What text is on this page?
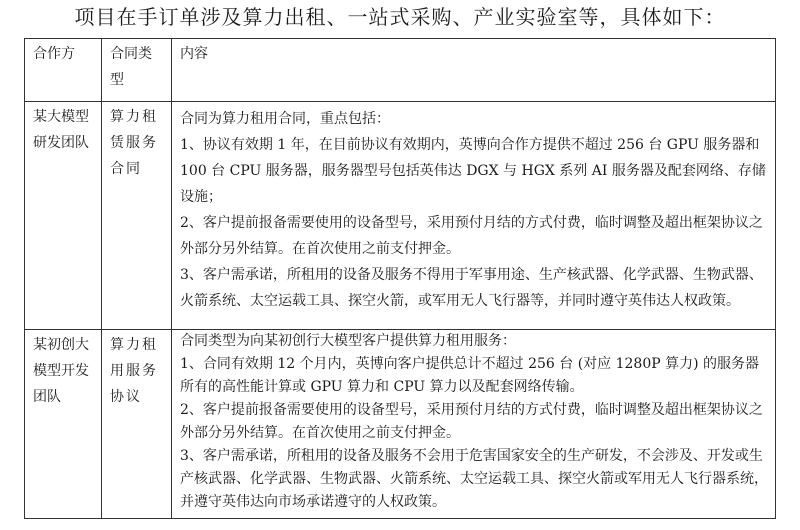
项目在手订单涉及算力出租、一站式采购、产业实验室等，具体如下：
合作方	合同类型	内容

某大模型研发团队	算力租赁服务合同	合同为算力租用合同，重点包括：

1、协议有效期 1 年，在目前协议有效期内，英博向合作方提供不超过 256 台 GPU 服务器和 100 台 CPU 服务器，服务器型号包括英伟达 DGX 与 HGX 系列 AI 服务器及配套网络、存储设施；

2、客户提前报备需要使用的设备型号，采用预付月结的方式付费，临时调整及超出框架协议之外部分另外结算。在首次使用之前支付押金。

3、客户需承诺，所租用的设备及服务不得用于军事用途、生产核武器、化学武器、生物武器、火箭系统、太空运载工具、探空火箭，或军用无人飞行器等，并同时遵守英伟达人权政策。

某初创大模型开发团队	算力租用服务协议	合同类型为向某初创行大模型客户提供算力租用服务：

1、合同有效期 12 个月内，英博向客户提供总计不超过 256 台 (对应 1280P 算力) 的服务器所有的高性能计算或 GPU 算力和 CPU 算力以及配套网络传输。

2、客户提前报备需要使用的设备型号，采用预付月结的方式付费，临时调整及超出框架协议之外部分另外结算。在首次使用之前支付押金。

3、客户需承诺，所租用的设备及服务不会用于危害国家安全的生产研发，不会涉及、开发或生产核武器、化学武器、生物武器、火箭系统、太空运载工具、探空火箭或军用无人飞行器系统，并遵守英伟达向市场承诺遵守的人权政策。
